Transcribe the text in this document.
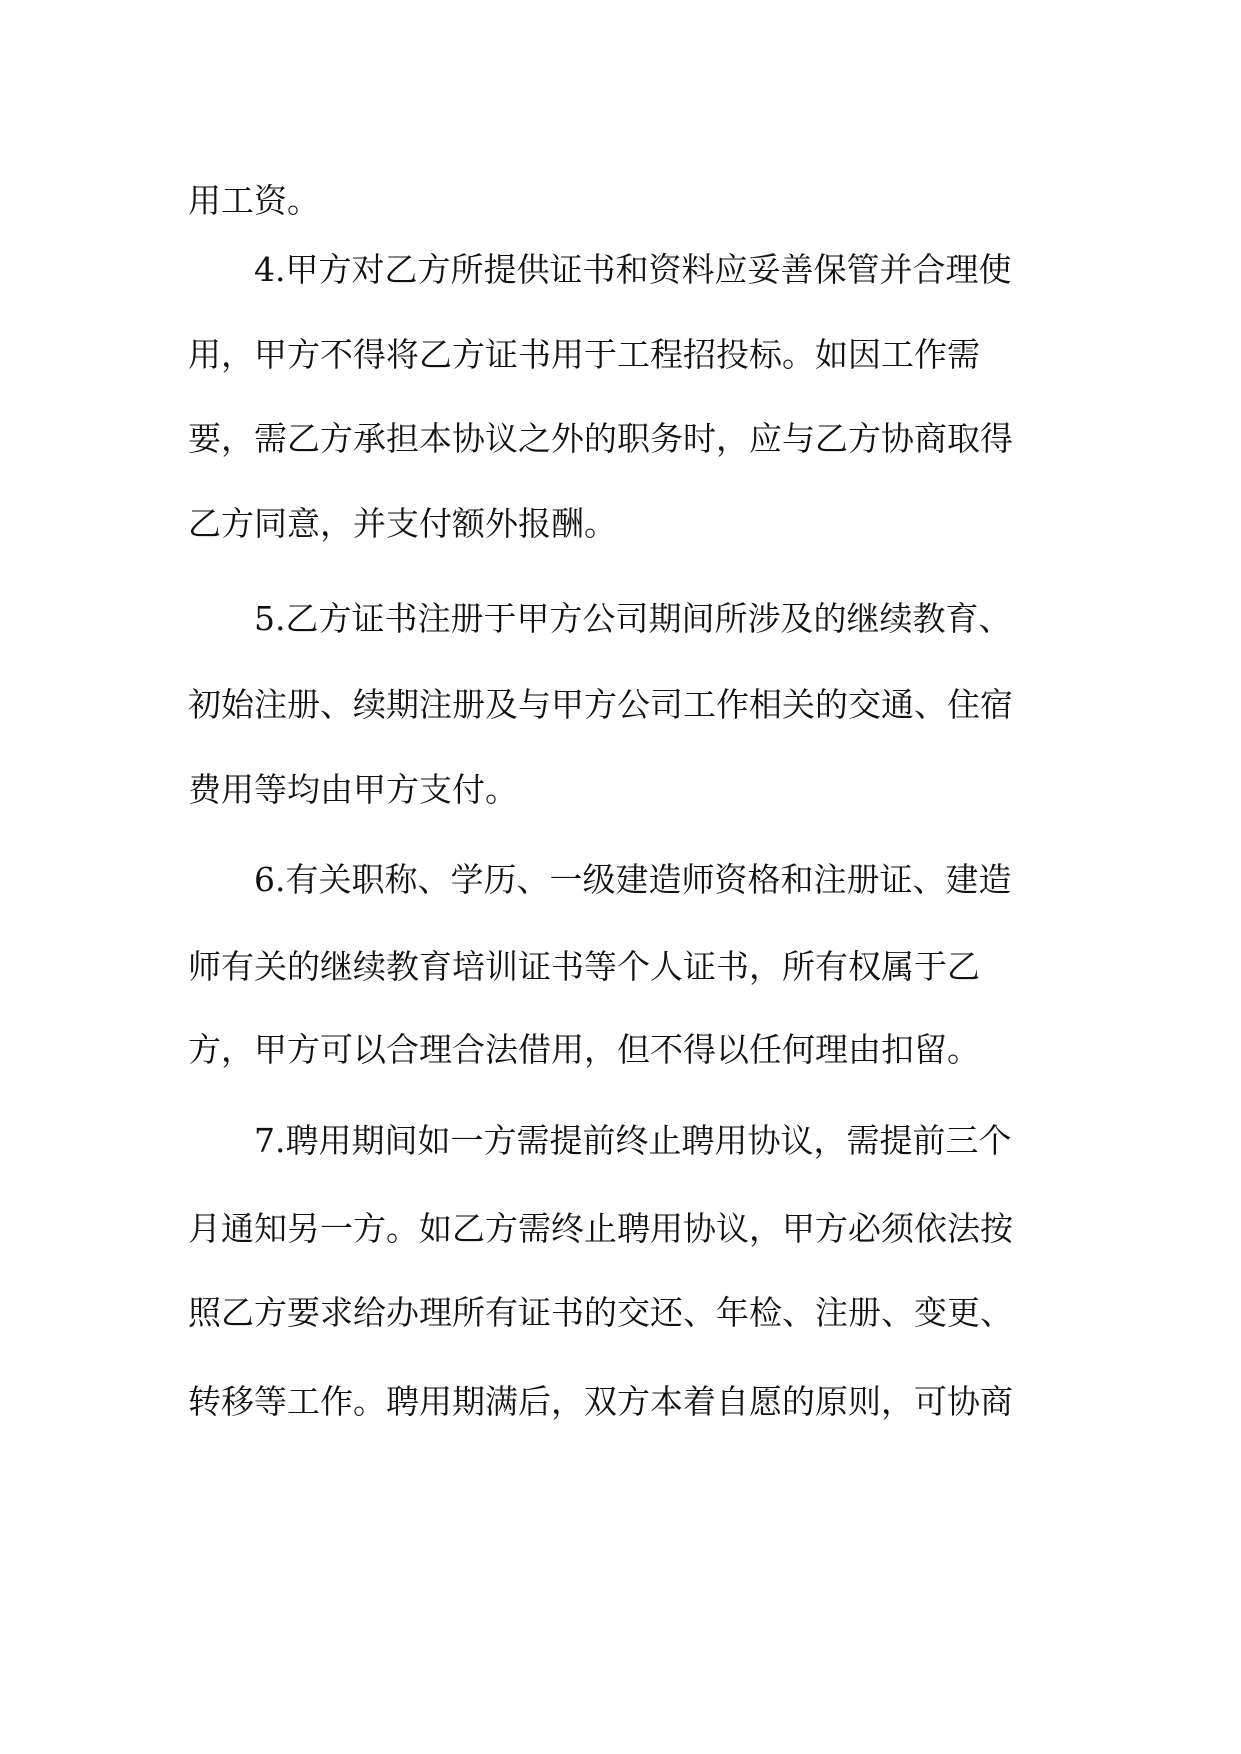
用工资。
4.甲方对乙方所提供证书和资料应妥善保管并合理使
用，甲方不得将乙方证书用于工程招投标。如因工作需
要，需乙方承担本协议之外的职务时，应与乙方协商取得
乙方同意，并支付额外报酬。
5.乙方证书注册于甲方公司期间所涉及的继续教育、
初始注册、续期注册及与甲方公司工作相关的交通、住宿
费用等均由甲方支付。
6.有关职称、学历、一级建造师资格和注册证、建造
师有关的继续教育培训证书等个人证书，所有权属于乙
方，甲方可以合理合法借用，但不得以任何理由扣留。
7.聘用期间如一方需提前终止聘用协议，需提前三个
月通知另一方。如乙方需终止聘用协议，甲方必须依法按
照乙方要求给办理所有证书的交还、年检、注册、变更、
转移等工作。聘用期满后，双方本着自愿的原则，可协商
